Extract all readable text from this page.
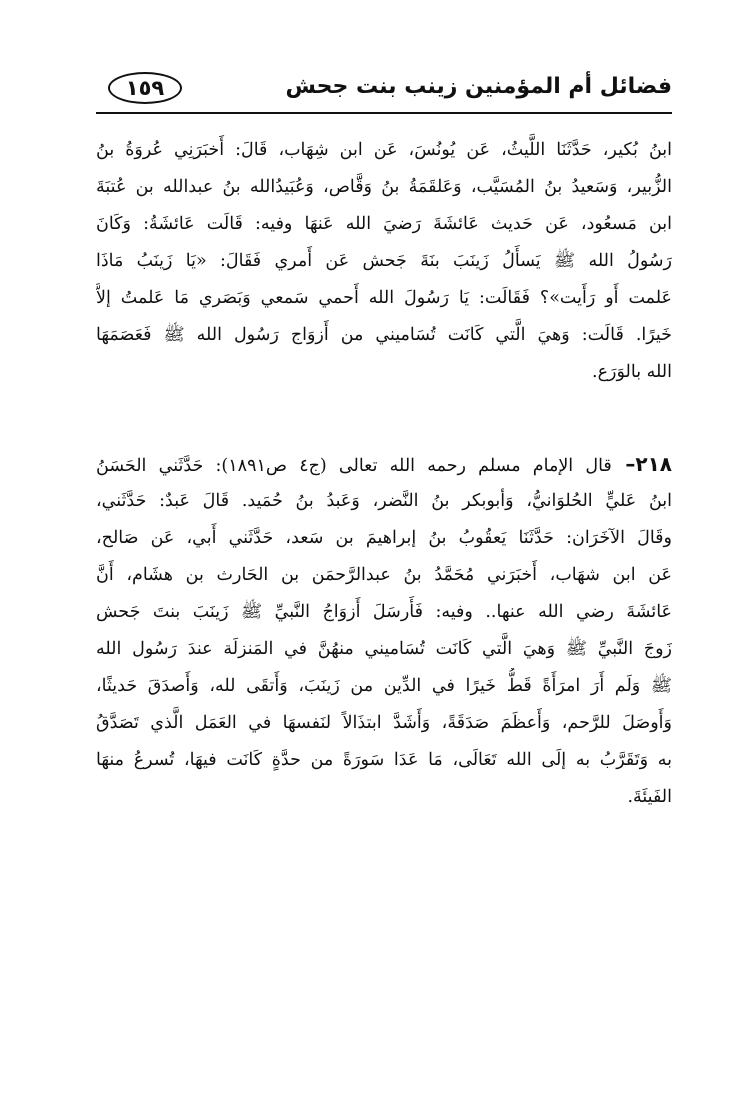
فضائل أم المؤمنين زينب بنت جحش
١٥٩
ابنُ بُكير، حَدَّثَنَا اللَّيثُ، عَن يُونُسَ، عَن ابن شِهَاب، قَالَ: أَخبَرَنِي عُروَةُ بنُ
الزُّبير، وَسَعيدُ بنُ المُسَيَّب، وَعَلقَمَةُ بنُ وَقَّاص، وَعُبَيدُالله بنُ عبدالله بن عُتبَةَ
ابن مَسعُود، عَن حَديث عَائشَةَ رَضيَ الله عَنهَا وفيه: قَالَت عَائشَةُ: وَكَانَ
رَسُولُ الله ﷺ يَسأَلُ زَينَبَ بنَةَ جَحش عَن أَمري فَقَالَ: «يَا زَينَبُ مَاذَا
عَلمت أَو رَأَيت»؟ فَقَالَت: يَا رَسُولَ الله أَحمي سَمعي وَبَصَري مَا عَلمتُ إلاَّ
خَيرًا. قَالَت: وَهيَ الَّتي كَانَت تُسَاميني من أَزوَاج رَسُول الله ﷺ فَعَصَمَهَا
الله بالوَرَع.
٢١٨– قال الإمام مسلم رحمه الله تعالى (ج٤ ص١٨٩١): حَدَّثَني الحَسَنُ
ابنُ عَليٍّ الحُلوَانيُّ، وَأبوبكر بنُ النَّضر، وَعَبدُ بنُ حُمَيد. قَالَ عَبدٌ: حَدَّثَني،
وقَالَ الآخَرَان: حَدَّثَنَا يَعقُوبُ بنُ إبراهيمَ بن سَعد، حَدَّثَني أَبي، عَن صَالح،
عَن ابن شهَاب، أَخبَرَني مُحَمَّدُ بنُ عبدالرَّحمَن بن الحَارث بن هشَام، أَنَّ
عَائشَةَ رضي الله عنها.. وفيه: فَأَرسَلَ أَزوَاجُ النَّبيِّ ﷺ زَينَبَ بنتَ جَحش
زَوجَ النَّبيِّ ﷺ وَهيَ الَّتي كَانَت تُسَاميني منهُنَّ في المَنزلَة عندَ رَسُول الله
ﷺ وَلَم أَرَ امرَأَةً قَطُّ خَيرًا في الدِّين من زَينَبَ، وَأَتقَى لله، وَأَصدَقَ حَديثًا،
وَأَوصَلَ للرَّحم، وَأَعظَمَ صَدَقَةً، وَأَشَدَّ ابتذَالاً لنَفسهَا في العَمَل الَّذي تَصَدَّقُ
به وَتَقَرَّبُ به إلَى الله تَعَالَى، مَا عَدَا سَورَةً من حدَّةٍ كَانَت فيهَا، تُسرعُ منهَا
الفَيئَةَ.
